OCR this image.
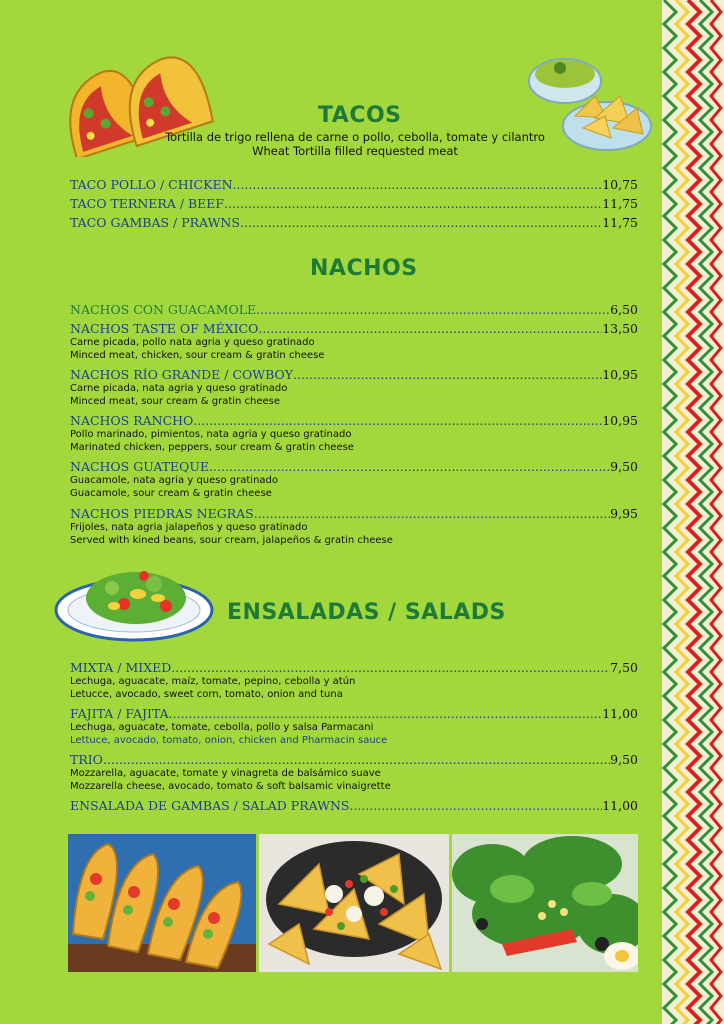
TACOS
Tortilla de trigo rellena de carne o pollo, cebolla, tomate y cilantro
Wheat Tortilla filled requested meat
TACO POLLO / CHICKEN .....	10,75
TACO TERNERA / BEEF .....	11,75
TACO GAMBAS / PRAWNS .....	11,75
NACHOS
NACHOS CON GUACAMOLE .....	6,50
NACHOS TASTE OF MÉXICO .....	13,50
Carne picada, pollo nata agria y queso gratinado
Minced meat, chicken, sour cream & gratin cheese
NACHOS RÍO GRANDE / COWBOY .....	10,95
Carne picada, nata agria y queso gratinado
Minced meat, sour cream & gratin cheese
NACHOS RANCHO .....	10,95
Pollo marinado, pimientos, nata agria y queso gratinado
Marinated chicken, peppers, sour cream & gratin cheese
NACHOS GUATEQUE .....	9,50
Guacamole, nata agria y queso gratinado
Guacamole, sour cream & gratin cheese
NACHOS PIEDRAS NEGRAS .....	9,95
Frijoles, nata agria jalapeños y queso gratinado
Served with kined beans, sour cream, jalapeños & gratin cheese
ENSALADAS / SALADS
MIXTA / MIXED .....	7,50
Lechuga, aguacate, maíz, tomate, pepino, cebolla y atún
Letucce, avocado, sweet corn, tomato, onion and tuna
FAJITA / FAJITA .....	11,00
Lechuga, aguacate, tomate, cebolla, pollo y salsa Parmacani
Lettuce, avocado, tomato, onion, chicken and Pharmacin sauce
TRIO .....	9,50
Mozzarella, aguacate, tomate y vinagreta de balsámico suave
Mozzarella cheese, avocado, tomato & soft balsamic vinaigrette
ENSALADA DE GAMBAS / SALAD PRAWNS .....	11,00
